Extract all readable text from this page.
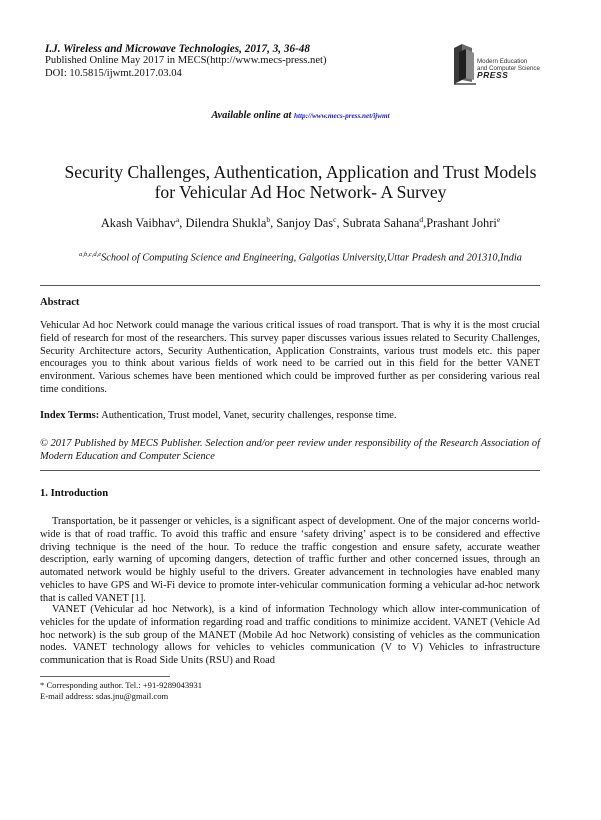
I.J. Wireless and Microwave Technologies, 2017, 3, 36-48
Published Online May 2017 in MECS(http://www.mecs-press.net)
DOI: 10.5815/ijwmt.2017.03.04
Modern Education
and Computer Science
PRESS
Available online at http://www.mecs-press.net/ijwmt
Security Challenges, Authentication, Application and Trust Models
for Vehicular Ad Hoc Network- A Survey
Akash Vaibhav$^a$, Dilendra Shukla$^b$, Sanjoy Das$^c$, Subrata Sahana$^d$,Prashant Johri$^e$
$^{a,b,c,d,e}$School of Computing Science and Engineering, Galgotias University,Uttar Pradesh and 201310,India
Abstract
Vehicular Ad hoc Network could manage the various critical issues of road transport. That is why it is the most crucial field of research for most of the researchers. This survey paper discusses various issues related to Security Challenges, Security Architecture actors, Security Authentication, Application Constraints, various trust models etc. this paper encourages you to think about various fields of work need to be carried out in this field for the better VANET environment. Various schemes have been mentioned which could be improved further as per considering various real time conditions.
Index Terms: Authentication, Trust model, Vanet, security challenges, response time.
© 2017 Published by MECS Publisher. Selection and/or peer review under responsibility of the Research Association of Modern Education and Computer Science
1. Introduction
Transportation, be it passenger or vehicles, is a significant aspect of development. One of the major concerns world-wide is that of road traffic. To avoid this traffic and ensure ‘safety driving’ aspect is to be considered and effective driving technique is the need of the hour. To reduce the traffic congestion and ensure safety, accurate weather description, early warning of upcoming dangers, detection of traffic further and other concerned issues, through an automated network would be highly useful to the drivers. Greater advancement in technologies have enabled many vehicles to have GPS and Wi-Fi device to promote inter-vehicular communication forming a vehicular ad-hoc network that is called VANET [1].
VANET (Vehicular ad hoc Network), is a kind of information Technology which allow inter-communication of vehicles for the update of information regarding road and traffic conditions to minimize accident. VANET (Vehicle Ad hoc network) is the sub group of the MANET (Mobile Ad hoc Network) consisting of vehicles as the communication nodes. VANET technology allows for vehicles to vehicles communication (V to V) Vehicles to infrastructure communication that is Road Side Units (RSU) and Road
* Corresponding author. Tel.: +91-9289043931
E-mail address: sdas.jnu@gmail.com
